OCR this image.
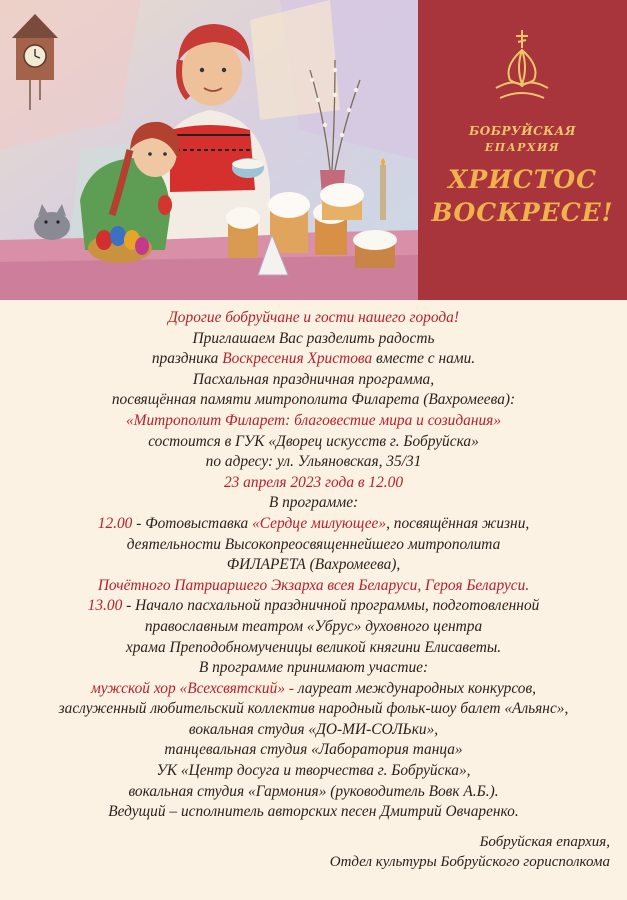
БОБРУЙСКАЯ
ЕПАРХИЯ
ХРИСТОС
ВОСКРЕСЕ!
Дорогие бобруйчане и гости нашего города!
Приглашаем Вас разделить радость
праздника Воскресения Христова вместе с нами.
Пасхальная праздничная программа,
посвящённая памяти митрополита Филарета (Вахромеева):
«Митрополит Филарет: благовестие мира и созидания»
состоится в ГУК «Дворец искусств г. Бобруйска»
по адресу: ул. Ульяновская, 35/31
23 апреля 2023 года в 12.00
В программе:
12.00 - Фотовыставка «Сердце милующее», посвящённая жизни,
деятельности Высокопреосвященнейшего митрополита
ФИЛАРЕТА (Вахромеева),
Почётного Патриаршего Экзарха всея Беларуси, Героя Беларуси.
13.00 - Начало пасхальной праздничной программы, подготовленной
православным театром «Убрус» духовного центра
храма Преподобномученицы великой княгини Елисаветы.
В программе принимают участие:
мужской хор «Всехсвятский» - лауреат международных конкурсов,
заслуженный любительский коллектив народный фольк-шоу балет «Альянс»,
вокальная студия «ДО-МИ-СОЛЬки»,
танцевальная студия «Лаборатория танца»
УК «Центр досуга и творчества г. Бобруйска»,
вокальная студия «Гармония» (руководитель Вовк А.Б.).
Ведущий – исполнитель авторских песен Дмитрий Овчаренко.
Бобруйская епархия,
Отдел культуры Бобруйского горисполкома
